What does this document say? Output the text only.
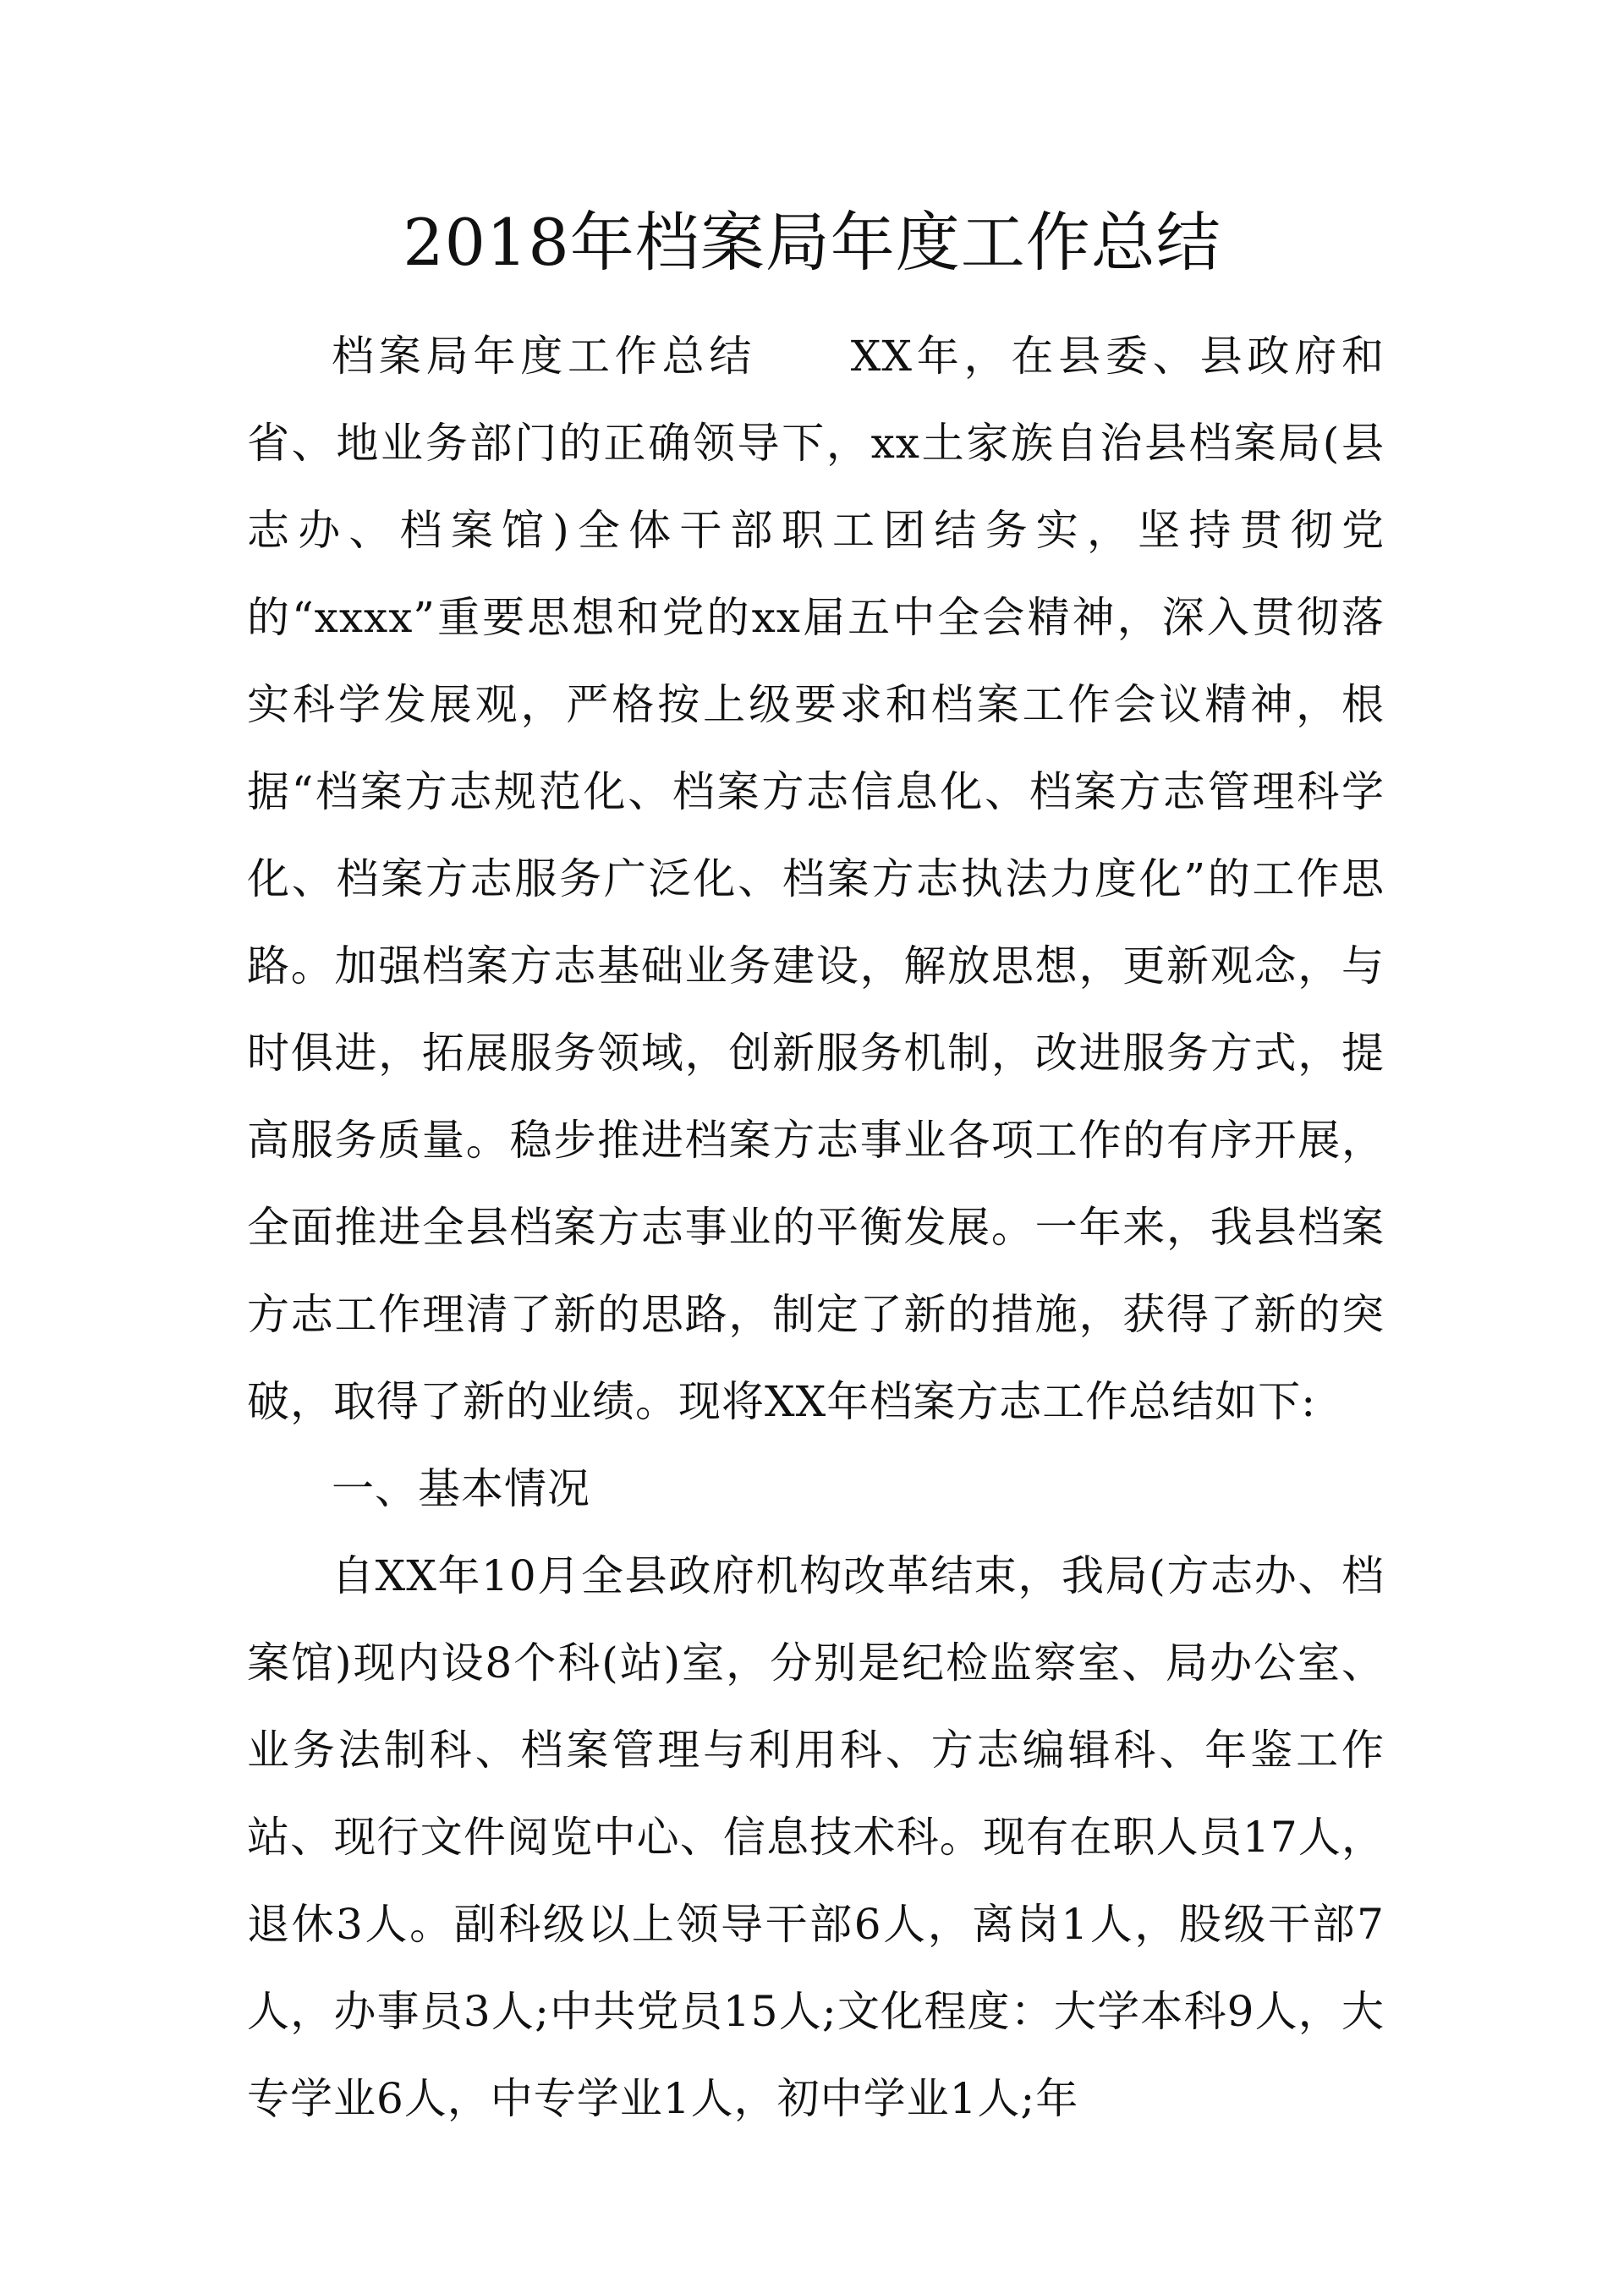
2018年档案局年度工作总结

档案局年度工作总结　　XX年，在县委、县政府和省、地业务部门的正确领导下，xx土家族自治县档案局(县志办、档案馆)全体干部职工团结务实，坚持贯彻党的“xxxx”重要思想和党的xx届五中全会精神，深入贯彻落实科学发展观，严格按上级要求和档案工作会议精神，根据“档案方志规范化、档案方志信息化、档案方志管理科学化、档案方志服务广泛化、档案方志执法力度化”的工作思路。加强档案方志基础业务建设，解放思想，更新观念，与时俱进，拓展服务领域，创新服务机制，改进服务方式，提高服务质量。稳步推进档案方志事业各项工作的有序开展，全面推进全县档案方志事业的平衡发展。一年来，我县档案方志工作理清了新的思路，制定了新的措施，获得了新的突破，取得了新的业绩。现将XX年档案方志工作总结如下:

一、基本情况

自XX年10月全县政府机构改革结束，我局(方志办、档案馆)现内设8个科(站)室，分别是纪检监察室、局办公室、业务法制科、档案管理与利用科、方志编辑科、年鉴工作站、现行文件阅览中心、信息技术科。现有在职人员17人，退休3人。副科级以上领导干部6人，离岗1人，股级干部7人，办事员3人;中共党员15人;文化程度：大学本科9人，大专学业6人，中专学业1人，初中学业1人;年
